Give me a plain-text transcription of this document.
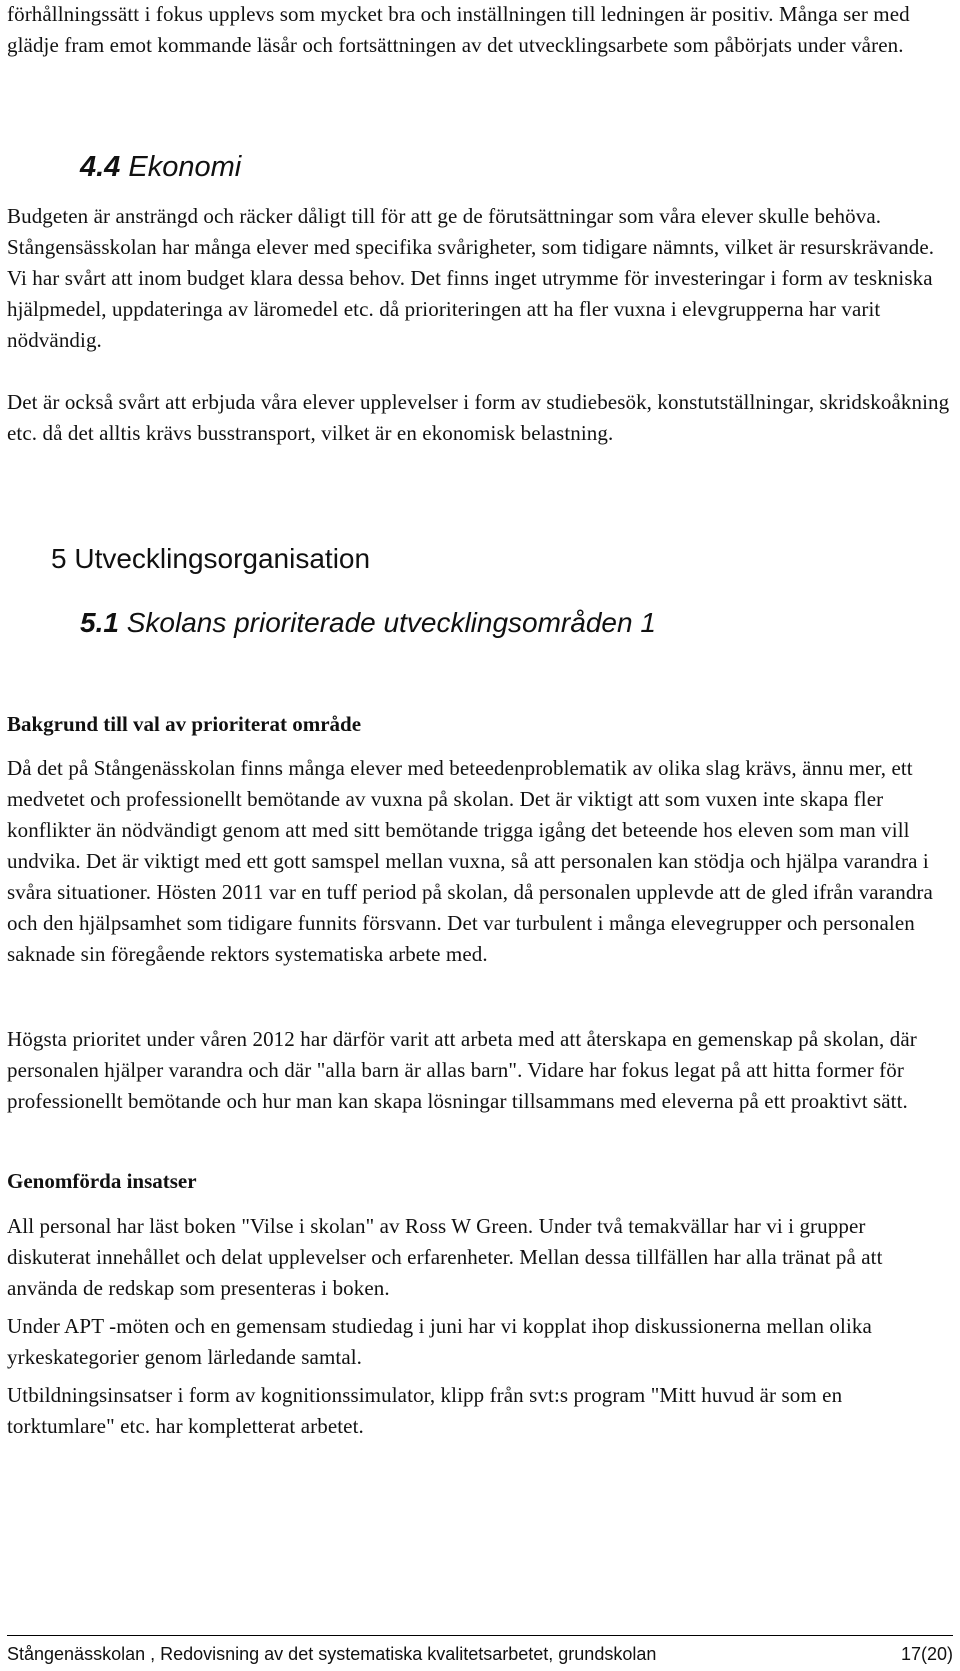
förhållningssätt i fokus upplevs som mycket bra och inställningen till ledningen är positiv. Många ser med glädje fram emot kommande läsår och fortsättningen av det utvecklingsarbete som påbörjats under våren.

4.4 Ekonomi

Budgeten är ansträngd och räcker dåligt till för att ge de förutsättningar som våra elever skulle behöva. Stångensässkolan har många elever med specifika svårigheter, som tidigare nämnts, vilket är resurskrävande. Vi har svårt att inom budget klara dessa behov. Det finns inget utrymme för investeringar i form av teskniska hjälpmedel, uppdateringa av läromedel etc. då prioriteringen att ha fler vuxna i elevgrupperna har varit nödvändig.

Det är också svårt att erbjuda våra elever upplevelser i form av studiebesök, konstutställningar, skridskoåkning etc. då det alltis krävs busstransport, vilket är en ekonomisk belastning.

5 Utvecklingsorganisation
5.1 Skolans prioriterade utvecklingsområden 1
Bakgrund till val av prioriterat område

Då det på Stångenässkolan finns många elever med beteedenproblematik av olika slag krävs, ännu mer, ett medvetet och professionellt bemötande av vuxna på skolan. Det är viktigt att som vuxen inte skapa fler konflikter än nödvändigt genom att med sitt bemötande trigga igång det beteende hos eleven som man vill undvika. Det är viktigt med ett gott samspel mellan vuxna, så att personalen kan stödja och hjälpa varandra i svåra situationer. Hösten 2011 var en tuff period på skolan, då personalen upplevde att de gled ifrån varandra och den hjälpsamhet som tidigare funnits försvann. Det var turbulent i många elevegrupper och personalen saknade sin föregående rektors systematiska arbete med.

Högsta prioritet under våren 2012 har därför varit att arbeta med att återskapa en gemenskap på skolan, där personalen hjälper varandra och där "alla barn är allas barn". Vidare har fokus legat på att hitta former för professionellt bemötande och hur man kan skapa lösningar tillsammans med eleverna på ett proaktivt sätt.

Genomförda insatser

All personal har läst boken "Vilse i skolan" av Ross W Green. Under två temakvällar har vi i grupper diskuterat innehållet och delat upplevelser och erfarenheter. Mellan dessa tillfällen har alla tränat på att använda de redskap som presenteras i boken.

Under APT -möten och en gemensam studiedag i juni har vi kopplat ihop diskussionerna mellan olika yrkeskategorier genom lärledande samtal.

Utbildningsinsatser i form av kognitionssimulator, klipp från svt:s program "Mitt huvud är som en torktumlare" etc. har kompletterat arbetet.

Stångenässkolan , Redovisning av det systematiska kvalitetsarbetet, grundskolan	17(20)
